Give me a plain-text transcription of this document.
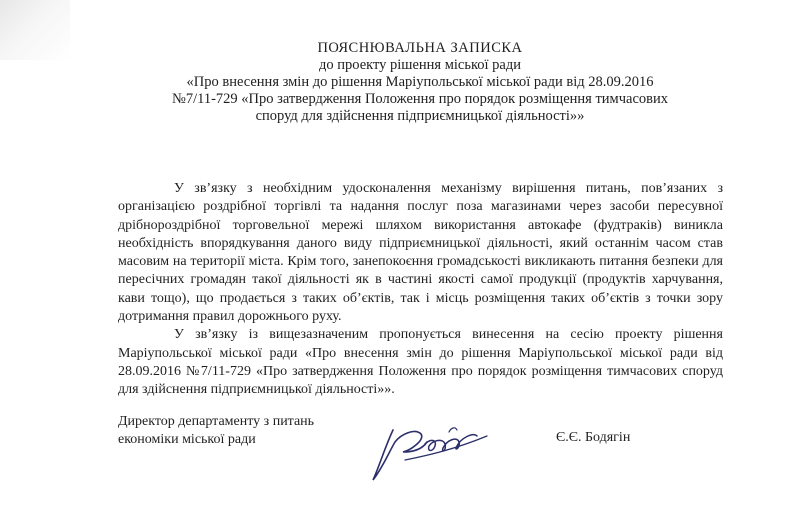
ПОЯСНЮВАЛЬНА ЗАПИСКА
до проекту рішення міської ради
«Про внесення змін до рішення Маріупольської міської ради від 28.09.2016
№7/11-729 «Про затвердження Положення про порядок розміщення тимчасових
споруд для здійснення підприємницької діяльності»»

У зв’язку з необхідним удосконалення механізму вирішення питань, пов’язаних з організацією роздрібної торгівлі та надання послуг поза магазинами через засоби пересувної дрібнороздрібної торговельної мережі шляхом використання автокафе (фудтраків) виникла необхідність впорядкування даного виду підприємницької діяльності, який останнім часом став масовим на території міста. Крім того, занепокоєння громадськості викликають питання безпеки для пересічних громадян такої діяльності як в частині якості самої продукції (продуктів харчування, кави тощо), що продається з таких об’єктів, так і місць розміщення таких об’єктів з точки зору дотримання правил дорожнього руху.

У зв’язку із вищезазначеним пропонується винесення на сесію проекту рішення Маріупольської міської ради «Про внесення змін до рішення Маріупольської міської ради від 28.09.2016 №7/11-729 «Про затвердження Положення про порядок розміщення тимчасових споруд для здійснення підприємницької діяльності»».

Директор департаменту з питань
економіки міської ради	Є.Є. Бодягін
